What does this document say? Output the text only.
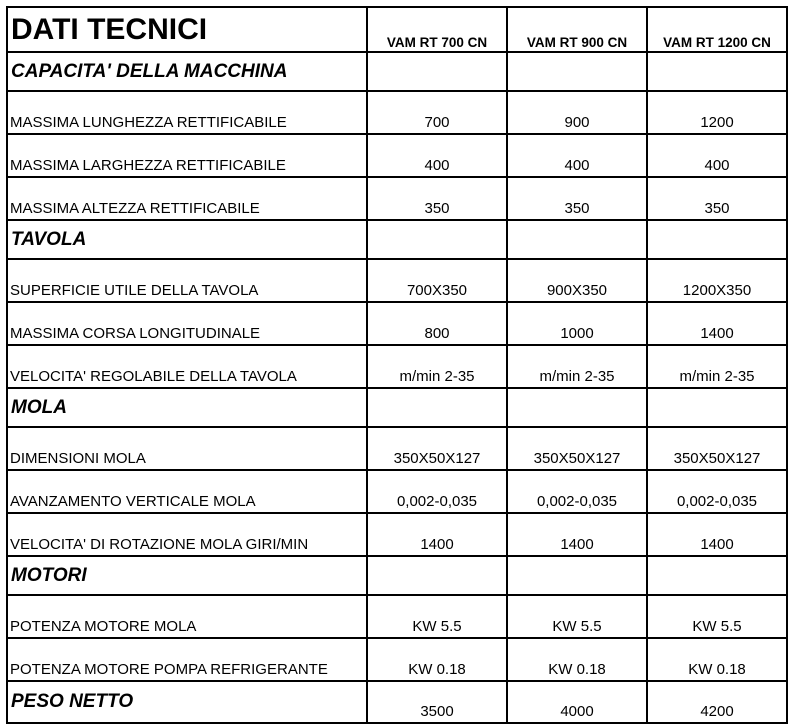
DATI TECNICI	VAM RT 700 CN	VAM RT 900 CN	VAM RT 1200 CN
CAPACITA' DELLA MACCHINA			
MASSIMA LUNGHEZZA RETTIFICABILE	700	900	1200
MASSIMA LARGHEZZA RETTIFICABILE	400	400	400
MASSIMA ALTEZZA RETTIFICABILE	350	350	350
TAVOLA			
SUPERFICIE UTILE DELLA TAVOLA	700X350	900X350	1200X350
MASSIMA CORSA LONGITUDINALE	800	1000	1400
VELOCITA' REGOLABILE DELLA TAVOLA	m/min 2-35	m/min 2-35	m/min 2-35
MOLA			
DIMENSIONI MOLA	350X50X127	350X50X127	350X50X127
AVANZAMENTO VERTICALE MOLA	0,002-0,035	0,002-0,035	0,002-0,035
VELOCITA' DI ROTAZIONE MOLA GIRI/MIN	1400	1400	1400
MOTORI			
POTENZA MOTORE MOLA	KW 5.5	KW 5.5	KW 5.5
POTENZA MOTORE POMPA REFRIGERANTE	KW 0.18	KW 0.18	KW 0.18
PESO NETTO	3500	4000	4200
